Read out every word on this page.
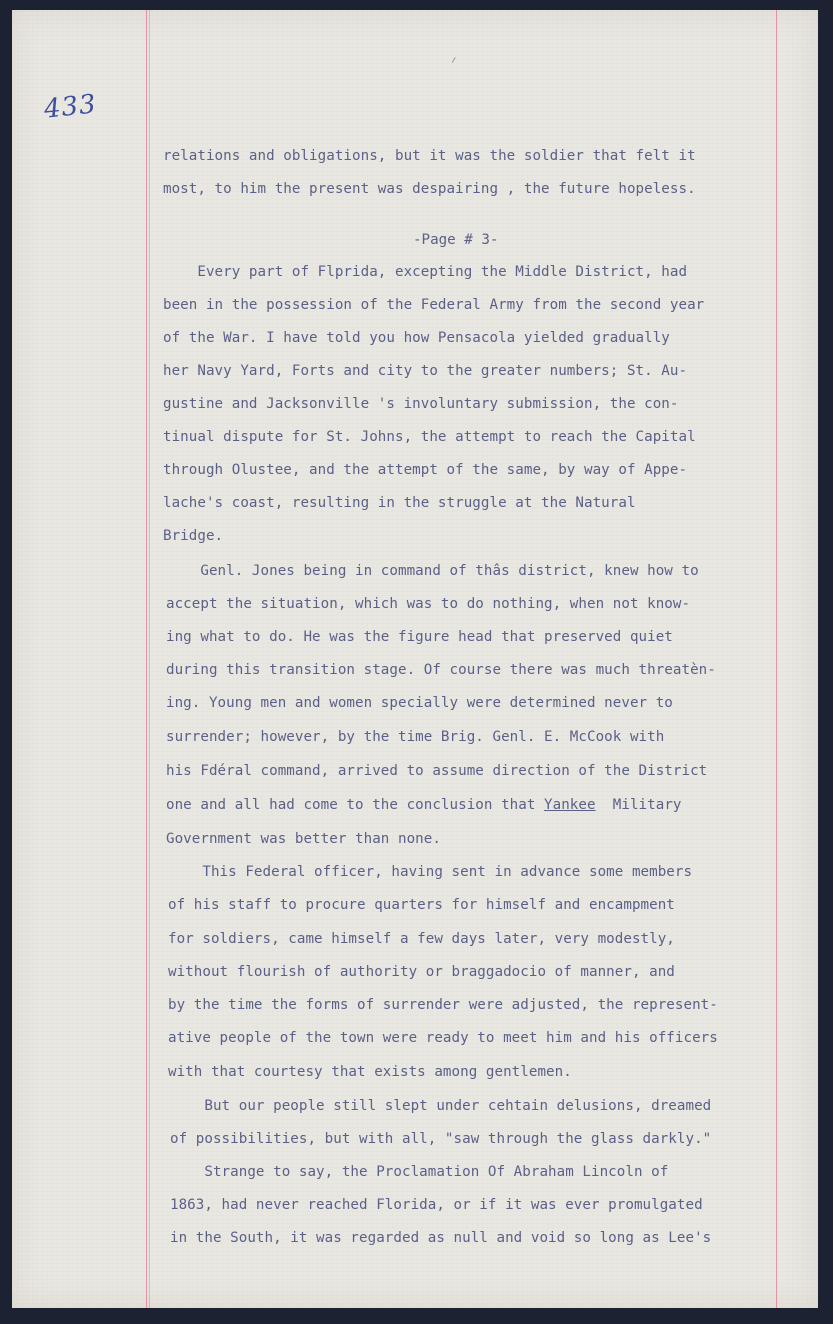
433
relations and obligations, but it was the soldier that felt it
most, to him the present was despairing , the future hopeless.
-Page # 3-
Every part of Flprida, excepting the Middle District, had
been in the possession of the Federal Army from the second year
of the War. I have told you how Pensacola yielded gradually
her Navy Yard, Forts and city to the greater numbers; St. Au-
gustine and Jacksonville 's involuntary submission, the con-
tinual dispute for St. Johns, the attempt to reach the Capital
through Olustee, and the attempt of the same, by way of Appe-
lache's coast, resulting in the struggle at the Natural
Bridge.
Genl. Jones being in command of thâs district, knew how to
accept the situation, which was to do nothing, when not know-
ing what to do. He was the figure head that preserved quiet
during this transition stage. Of course there was much threatèn-
ing. Young men and women specially were determined never to
surrender; however, by the time Brig. Genl. E. McCook with
his Fdéral command, arrived to assume direction of the District
one and all had come to the conclusion that Yankee  Military
Government was better than none.
This Federal officer, having sent in advance some members
of his staff to procure quarters for himself and encampment
for soldiers, came himself a few days later, very modestly,
without flourish of authority or braggadocio of manner, and
by the time the forms of surrender were adjusted, the represent-
ative people of the town were ready to meet him and his officers
with that courtesy that exists among gentlemen.
But our people still slept under cehtain delusions, dreamed
of possibilities, but with all, "saw through the glass darkly."
Strange to say, the Proclamation Of Abraham Lincoln of
1863, had never reached Florida, or if it was ever promulgated
in the South, it was regarded as null and void so long as Lee's
